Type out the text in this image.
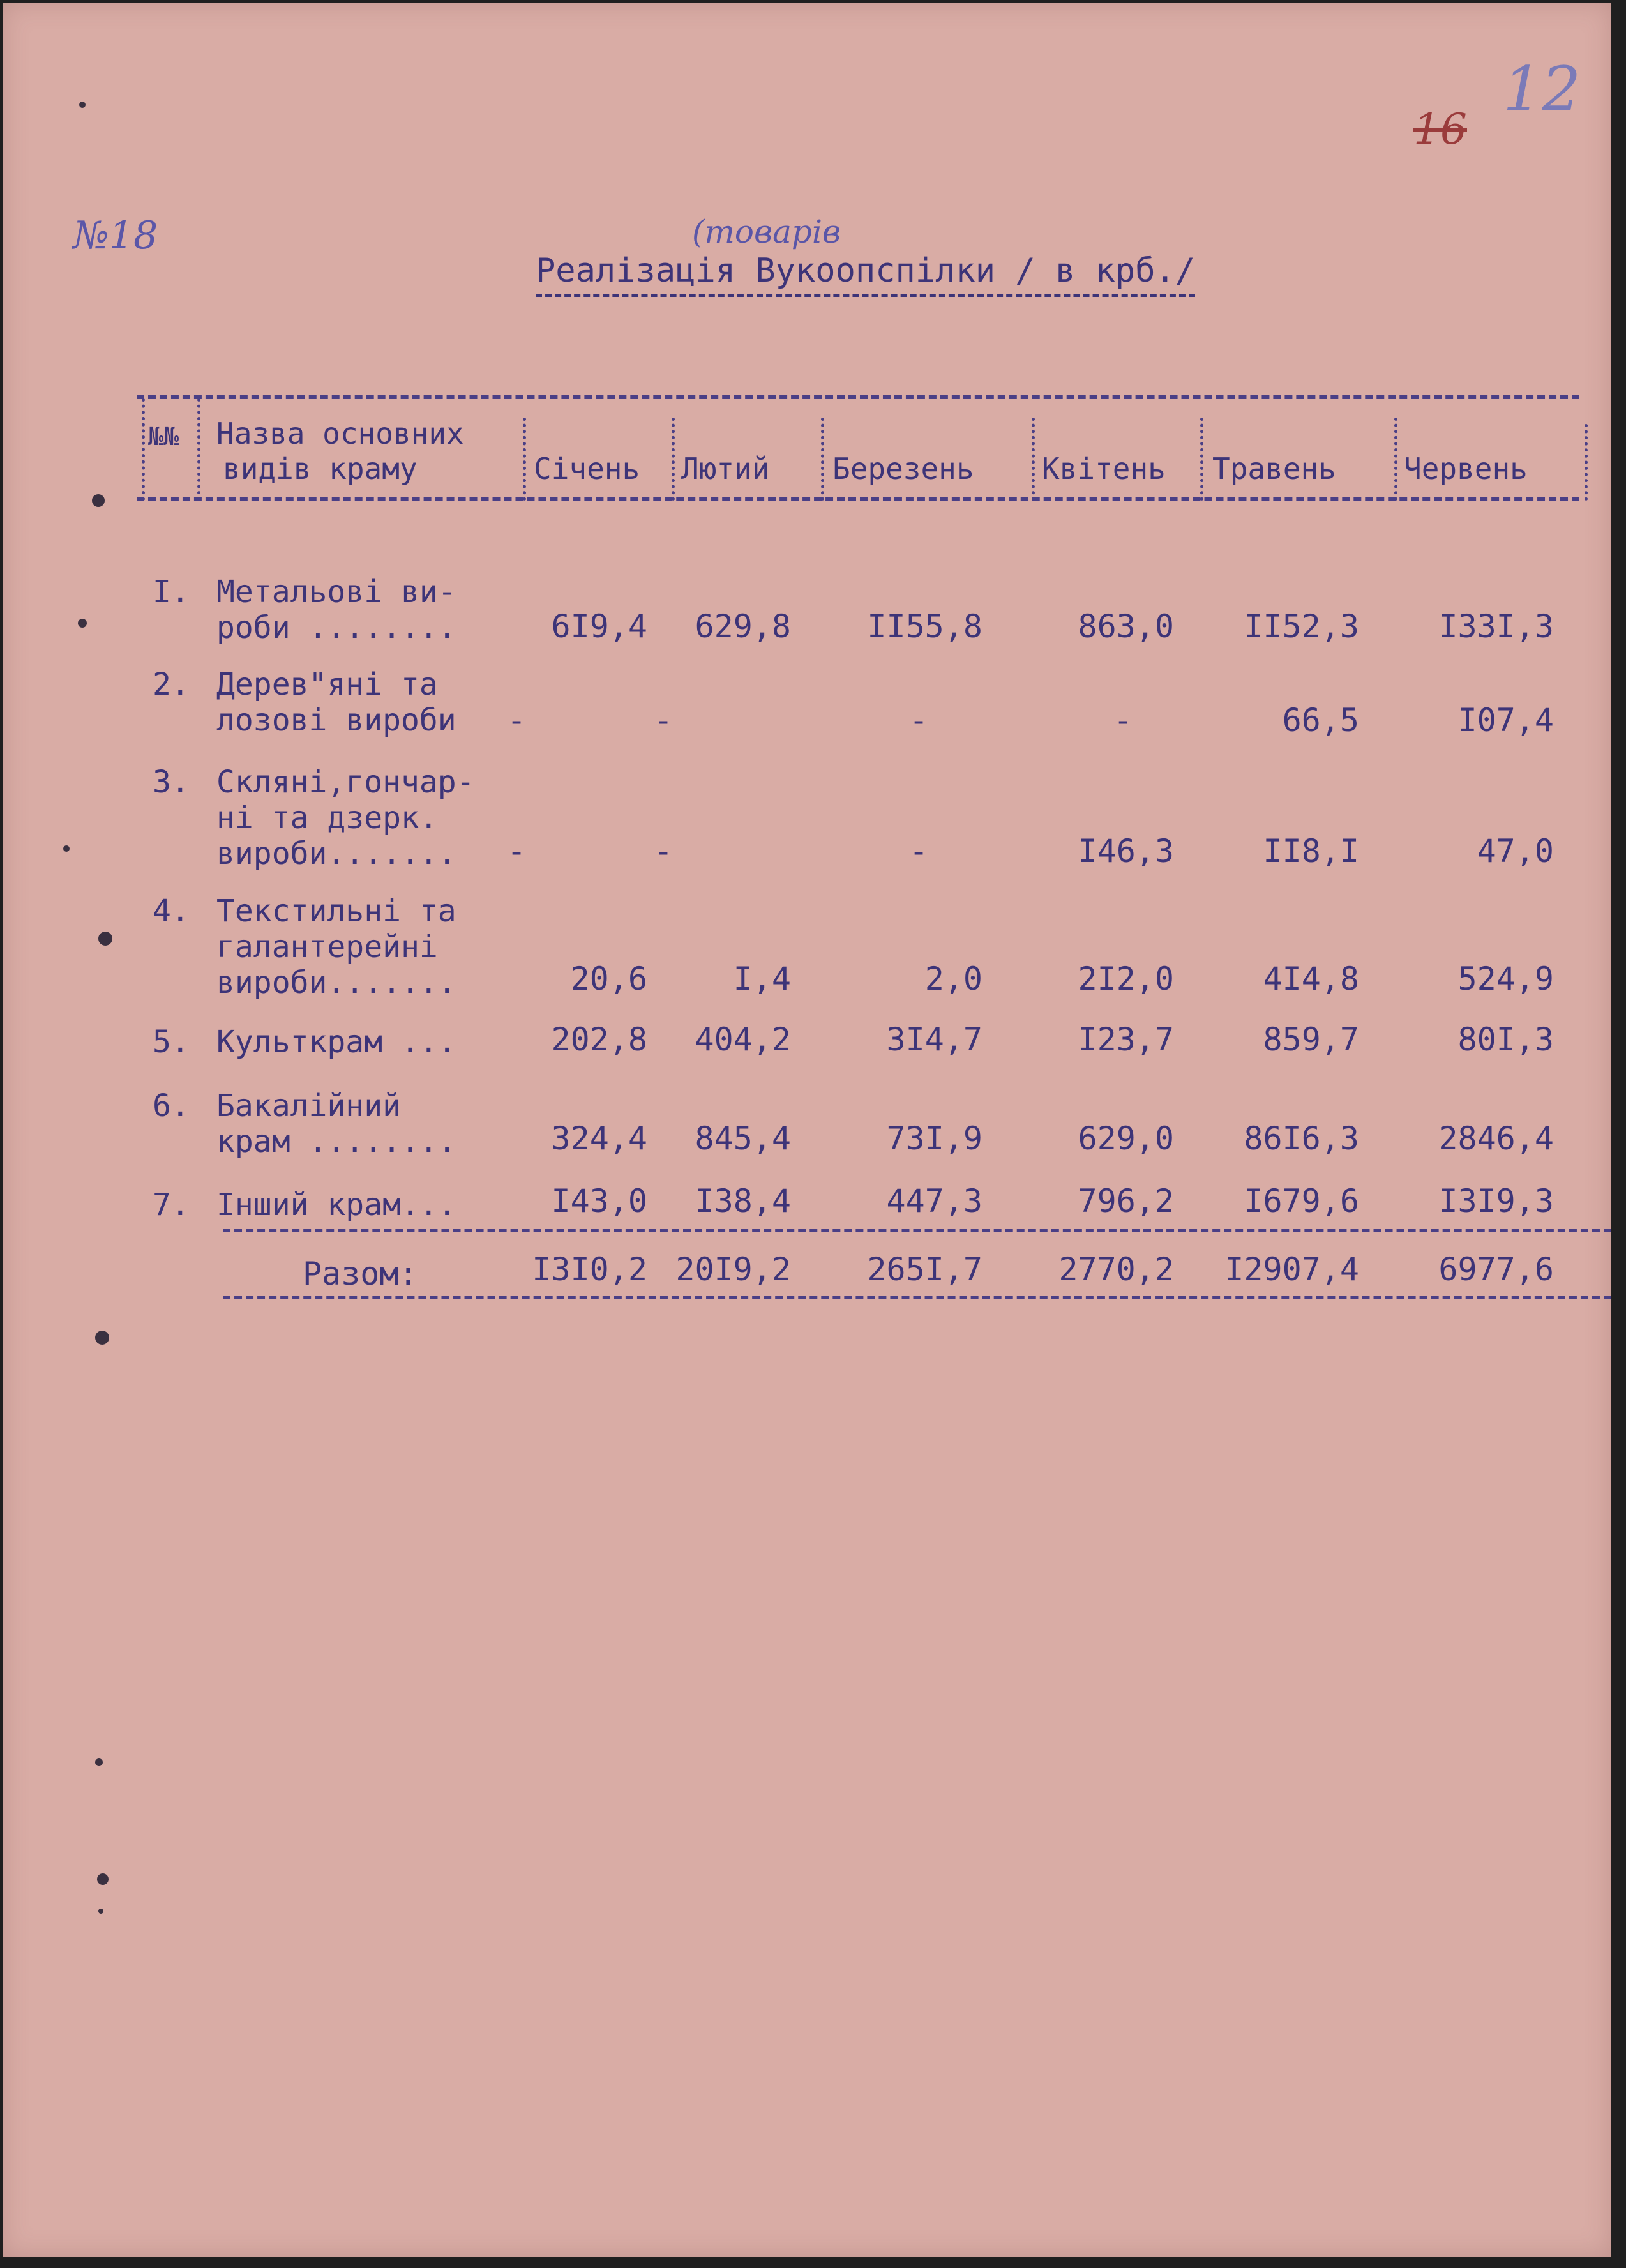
№18
16
12
(товарів
Реалізація Вукоопспілки / в крб./
№№	Назва основних
видів краму	Січень Лютий Березень Квітень Травень Червень
I. Метальові ви-
роби ........	6I9,4	629,8	II55,8	863,0	II52,3	I33I,3
2. Дерев"яні та
лозові вироби	-	-	-	-	66,5	I07,4
3. Скляні,гончар-
ні та дзерк.
вироби.......	-	-	-	I46,3	II8,I	47,0
4. Текстильні та
галантерейні
вироби.......	20,6	I,4	2,0	2I2,0	4I4,8	524,9
5. Культкрам ...	202,8	404,2	3I4,7	I23,7	859,7	80I,3
6. Бакалійний
крам ........	324,4	845,4	73I,9	629,0	86I6,3	2846,4
7. Інший крам...	I43,0	I38,4	447,3	796,2	I679,6	I3I9,3
Разом:	I3I0,2 20I9,2	265I,7	2770,2	I2907,4	6977,6
